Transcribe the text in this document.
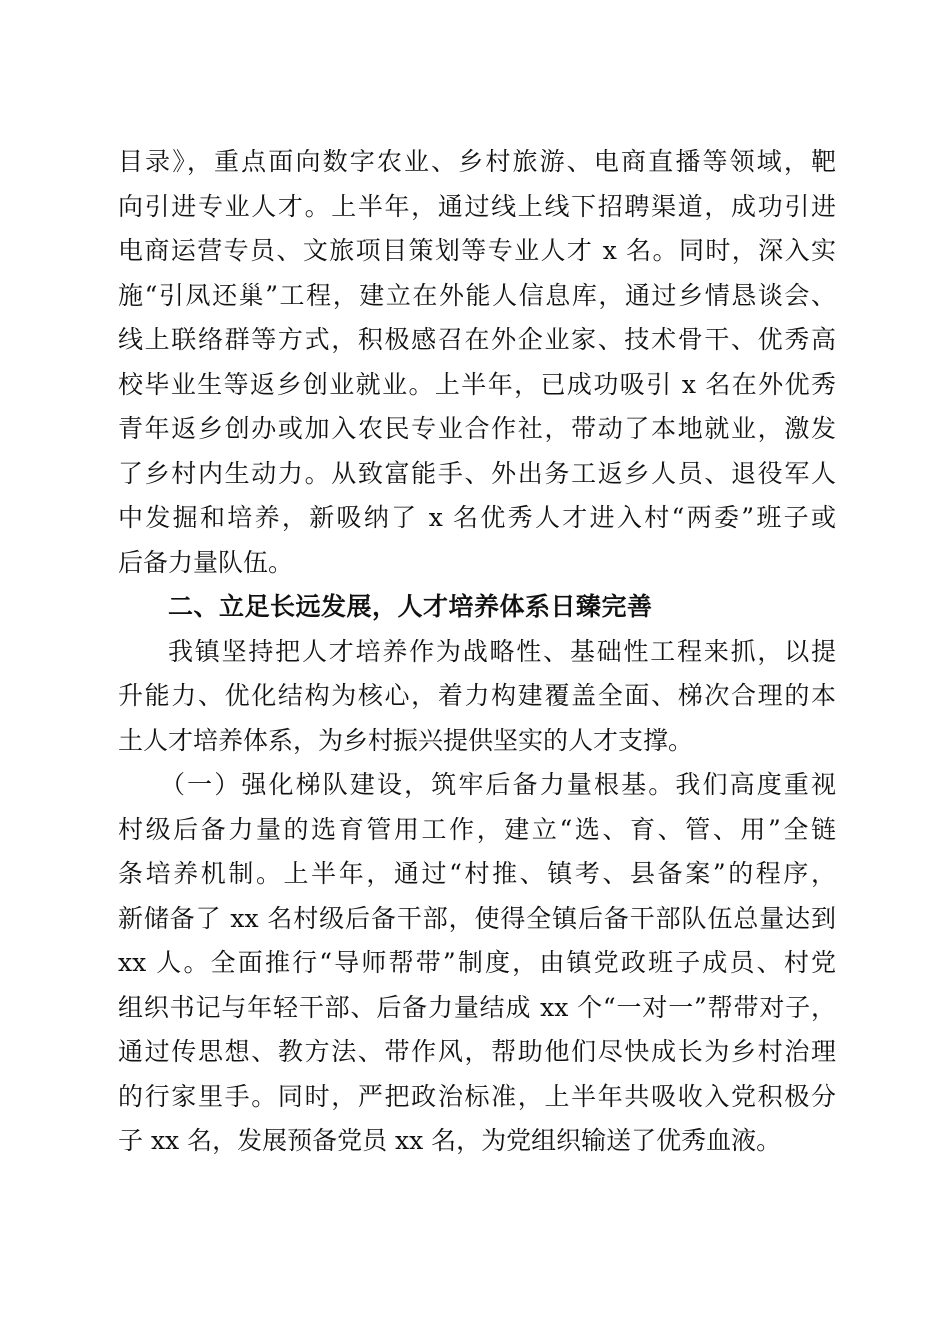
目录》，重点面向数字农业、乡村旅游、电商直播等领域，靶
向引进专业人才。上半年，通过线上线下招聘渠道，成功引进
电商运营专员、文旅项目策划等专业人才 x 名。同时，深入实
施“引凤还巢”工程，建立在外能人信息库，通过乡情恳谈会、
线上联络群等方式，积极感召在外企业家、技术骨干、优秀高
校毕业生等返乡创业就业。上半年，已成功吸引 x 名在外优秀
青年返乡创办或加入农民专业合作社，带动了本地就业，激发
了乡村内生动力。从致富能手、外出务工返乡人员、退役军人
中发掘和培养，新吸纳了 x 名优秀人才进入村“两委”班子或
后备力量队伍。
二、立足长远发展，人才培养体系日臻完善
我镇坚持把人才培养作为战略性、基础性工程来抓，以提
升能力、优化结构为核心，着力构建覆盖全面、梯次合理的本
土人才培养体系，为乡村振兴提供坚实的人才支撑。
（一）强化梯队建设，筑牢后备力量根基。我们高度重视
村级后备力量的选育管用工作，建立“选、育、管、用”全链
条培养机制。上半年，通过“村推、镇考、县备案”的程序，
新储备了 xx 名村级后备干部，使得全镇后备干部队伍总量达到
xx 人。全面推行“导师帮带”制度，由镇党政班子成员、村党
组织书记与年轻干部、后备力量结成 xx 个“一对一”帮带对子，
通过传思想、教方法、带作风，帮助他们尽快成长为乡村治理
的行家里手。同时，严把政治标准，上半年共吸收入党积极分
子 xx 名，发展预备党员 xx 名，为党组织输送了优秀血液。
